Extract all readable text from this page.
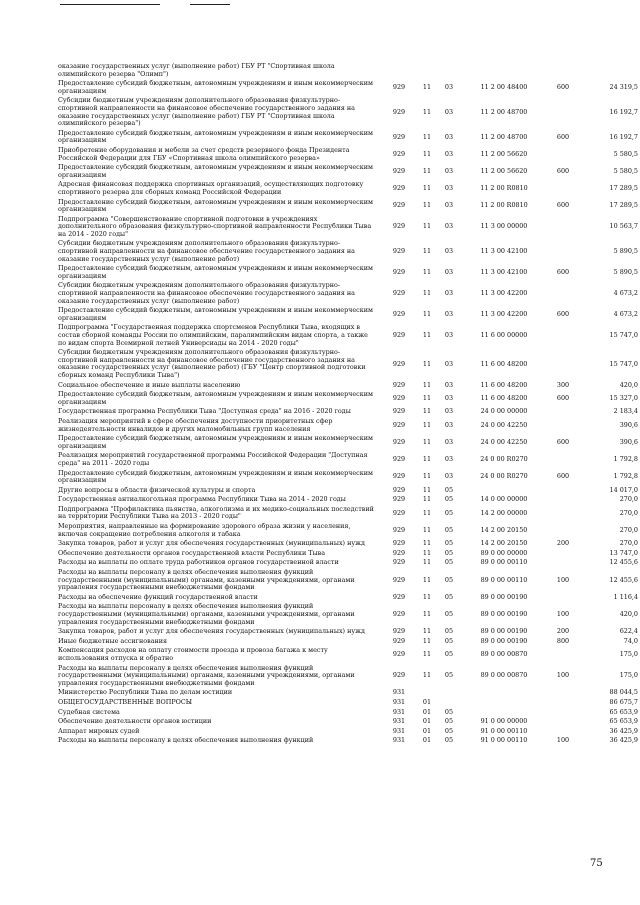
оказание государственных услуг (выполнение работ) ГБУ РТ "Спортивная школа олимпийского резерва "Олимп")						
Предоставление субсидий бюджетным, автономным учреждениям и иным некоммерческим организациям	929	11	03	11 2 00 48400	600	24 319,5
Субсидии бюджетным учреждениям дополнительного образования физкультурно-спортивной направленности на финансовое обеспечение государственного задания на оказание государственных услуг (выполнение работ) ГБУ РТ "Спортивная школа олимпийского резерва")	929	11	03	11 2 00 48700		16 192,7
Предоставление субсидий бюджетным, автономным учреждениям и иным некоммерческим организациям	929	11	03	11 2 00 48700	600	16 192,7
Приобретение оборудования и мебели за счет средств резервного фонда Президента Российской Федерации для ГБУ «Спортивная школа олимпийского резерва»	929	11	03	11 2 00 56620		5 580,5
Предоставление субсидий бюджетным, автономным учреждениям и иным некоммерческим организациям	929	11	03	11 2 00 56620	600	5 580,5
Адресная финансовая поддержка спортивных организаций, осуществляющих подготовку спортивного резерва для сборных команд Российской Федерации	929	11	03	11 2 00 R0810		17 289,5
Предоставление субсидий бюджетным, автономным учреждениям и иным некоммерческим организациям	929	11	03	11 2 00 R0810	600	17 289,5
Подпрограмма "Совершенствование спортивной подготовки в учреждениях дополнительного образования физкультурно-спортивной направленности Республики Тыва на 2014 - 2020 годы"	929	11	03	11 3 00 00000		10 563,7
Субсидии бюджетным учреждениям дополнительного образования физкультурно-спортивной направленности на финансовое обеспечение государственного задания на оказание государственных услуг (выполнение работ)	929	11	03	11 3 00 42100		5 890,5
Предоставление субсидий бюджетным, автономным учреждениям и иным некоммерческим организациям	929	11	03	11 3 00 42100	600	5 890,5
Субсидии бюджетным учреждениям дополнительного образования физкультурно-спортивной направленности на финансовое обеспечение государственного задания на оказание государственных услуг (выполнение работ)	929	11	03	11 3 00 42200		4 673,2
Предоставление субсидий бюджетным, автономным учреждениям и иным некоммерческим организациям	929	11	03	11 3 00 42200	600	4 673,2
Подпрограмма "Государственная поддержка спортсменов Республики Тыва, входящих в состав сборной команды России по олимпийским, паралимпийским видам спорта, а также по видам спорта Всемирной летней Универсиады на 2014 - 2020 годы"	929	11	03	11 6 00 00000		15 747,0
Субсидии бюджетным учреждениям дополнительного образования физкультурно-спортивной направленности на финансовое обеспечение государственного задания на оказание государственных услуг (выполнение работ) (ГБУ "Центр спортивной подготовки сборных команд Республики Тыва")	929	11	03	11 6 00 48200		15 747,0
Социальное обеспечение и иные выплаты населению	929	11	03	11 6 00 48200	300	420,0
Предоставление субсидий бюджетным, автономным учреждениям и иным некоммерческим организациям	929	11	03	11 6 00 48200	600	15 327,0
Государственная программа Республики Тыва "Доступная среда" на 2016 - 2020 годы	929	11	03	24 0 00 00000		2 183,4
Реализация мероприятий в сфере обеспечения доступности приоритетных сфер жизнедеятельности инвалидов и других маломобильных групп населения	929	11	03	24 0 00 42250		390,6
Предоставление субсидий бюджетным, автономным учреждениям и иным некоммерческим организациям	929	11	03	24 0 00 42250	600	390,6
Реализация мероприятий государственной программы Российской Федерации "Доступная среда" на 2011 - 2020 годы	929	11	03	24 0 00 R0270		1 792,8
Предоставление субсидий бюджетным, автономным учреждениям и иным некоммерческим организациям	929	11	03	24 0 00 R0270	600	1 792,8
Другие вопросы в области физической культуры и спорта	929	11	05			14 017,0
Государственная антиалкогольная программа Республики Тыва на 2014 - 2020 годы	929	11	05	14 0 00 00000		270,0
Подпрограмма "Профилактика пьянства, алкоголизма и их медико-социальных последствий на территории Республики Тыва на 2013 - 2020 годы"	929	11	05	14 2 00 00000		270,0
Мероприятия, направленные на формирование здорового образа жизни у населения, включая сокращение потребления алкоголя и табака	929	11	05	14 2 00 20150		270,0
Закупка товаров, работ и услуг для обеспечения государственных (муниципальных) нужд	929	11	05	14 2 00 20150	200	270,0
Обеспечение деятельности органов государственной власти Республики Тыва	929	11	05	89 0 00 00000		13 747,0
Расходы на выплаты по оплате труда работников органов государственной власти	929	11	05	89 0 00 00110		12 455,6
Расходы на выплаты персоналу в целях обеспечения выполнения функций государственными (муниципальными) органами, казенными учреждениями, органами управления государственными внебюджетными фондами	929	11	05	89 0 00 00110	100	12 455,6
Расходы на обеспечение функций государственной власти	929	11	05	89 0 00 00190		1 116,4
Расходы на выплаты персоналу в целях обеспечения выполнения функций государственными (муниципальными) органами, казенными учреждениями, органами управления государственными внебюджетными фондами	929	11	05	89 0 00 00190	100	420,0
Закупка товаров, работ и услуг для обеспечения государственных (муниципальных) нужд	929	11	05	89 0 00 00190	200	622,4
Иные бюджетные ассигнования	929	11	05	89 0 00 00190	800	74,0
Компенсация расходов на оплату стоимости проезда и провоза багажа к месту использования отпуска и обратно	929	11	05	89 0 00 00870		175,0
Расходы на выплаты персоналу в целях обеспечения выполнения функций государственными (муниципальными) органами, казенными учреждениями, органами управления государственными внебюджетными фондами	929	11	05	89 0 00 00870	100	175,0
Министерство Республики Тыва по делам юстиции	931					88 044,5
ОБЩЕГОСУДАРСТВЕННЫЕ ВОПРОСЫ	931	01				86 675,7
Судебная система	931	01	05			65 653,9
Обеспечение деятельности органов юстиции	931	01	05	91 0 00 00000		65 653,9
Аппарат мировых судей	931	01	05	91 0 00 00110		36 425,9
Расходы на выплаты персоналу в целях обеспечения выполнения функций	931	01	05	91 0 00 00110	100	36 425,9
75
